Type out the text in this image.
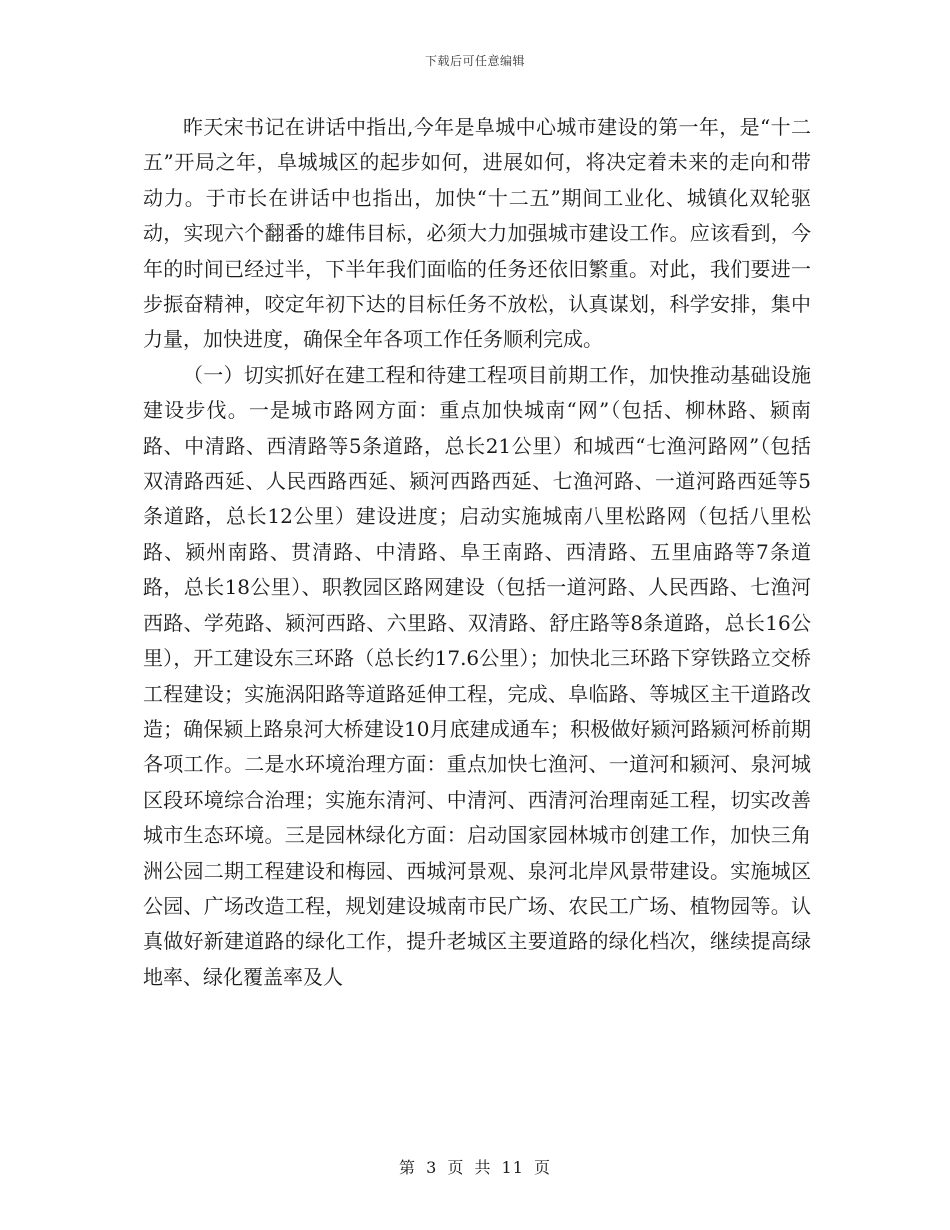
下载后可任意编辑

昨天宋书记在讲话中指出,今年是阜城中心城市建设的第一年，是“十二五”开局之年，阜城城区的起步如何，进展如何，将决定着未来的走向和带动力。于市长在讲话中也指出，加快“十二五”期间工业化、城镇化双轮驱动，实现六个翻番的雄伟目标，必须大力加强城市建设工作。应该看到，今年的时间已经过半，下半年我们面临的任务还依旧繁重。对此，我们要进一步振奋精神，咬定年初下达的目标任务不放松，认真谋划，科学安排，集中力量，加快进度，确保全年各项工作任务顺利完成。

（一）切实抓好在建工程和待建工程项目前期工作，加快推动基础设施建设步伐。一是城市路网方面：重点加快城南“网”（包括、柳林路、颍南路、中清路、西清路等5条道路，总长21公里）和城西“七渔河路网”（包括双清路西延、人民西路西延、颍河西路西延、七渔河路、一道河路西延等5条道路，总长12公里）建设进度；启动实施城南八里松路网（包括八里松路、颍州南路、贯清路、中清路、阜王南路、西清路、五里庙路等7条道路，总长18公里）、职教园区路网建设（包括一道河路、人民西路、七渔河西路、学苑路、颍河西路、六里路、双清路、舒庄路等8条道路，总长16公里），开工建设东三环路（总长约17.6公里）；加快北三环路下穿铁路立交桥工程建设；实施涡阳路等道路延伸工程，完成、阜临路、等城区主干道路改造；确保颍上路泉河大桥建设10月底建成通车；积极做好颍河路颍河桥前期各项工作。二是水环境治理方面：重点加快七渔河、一道河和颍河、泉河城区段环境综合治理；实施东清河、中清河、西清河治理南延工程，切实改善城市生态环境。三是园林绿化方面：启动国家园林城市创建工作，加快三角洲公园二期工程建设和梅园、西城河景观、泉河北岸风景带建设。实施城区公园、广场改造工程，规划建设城南市民广场、农民工广场、植物园等。认真做好新建道路的绿化工作，提升老城区主要道路的绿化档次，继续提高绿地率、绿化覆盖率及人

第 3 页 共 11 页
